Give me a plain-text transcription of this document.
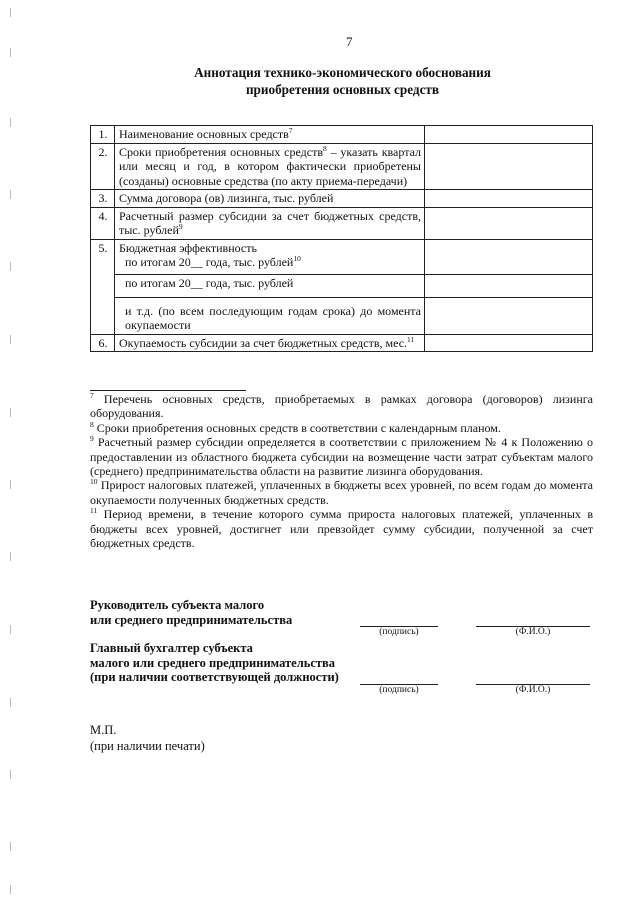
7
Аннотация технико-экономического обоснования
приобретения основных средств
1.	Наименование основных средств$^7$	
2.	Сроки приобретения основных средств$^8$ – указать квартал или месяц и год, в котором фактически приобретены (созданы) основные средства (по акту приема-передачи)	
3.	Сумма договора (ов) лизинга, тыс. рублей	
4.	Расчетный размер субсидии за счет бюджетных средств, тыс. рублей$^9$	
5.	Бюджетная эффективность
по итогам 20__ года, тыс. рублей$^{10}$

	по итогам 20__ года, тыс. рублей	
	и т.д. (по всем последующим годам срока) до момента окупаемости	
6.	Окупаемость субсидии за счет бюджетных средств, мес.$^{11}$	

$^7$ Перечень основных средств, приобретаемых в рамках договора (договоров) лизинга оборудования.

$^8$ Сроки приобретения основных средств в соответствии с календарным планом.

$^9$ Расчетный размер субсидии определяется в соответствии с приложением № 4 к Положению о предоставлении из областного бюджета субсидии на возмещение части затрат субъектам малого (среднего) предпринимательства области на развитие лизинга оборудования.

$^{10}$ Прирост налоговых платежей, уплаченных в бюджеты всех уровней, по всем годам до момента окупаемости полученных бюджетных средств.

$^{11}$ Период времени, в течение которого сумма прироста налоговых платежей, уплаченных в бюджеты всех уровней, достигнет или превзойдет сумму субсидии, полученной за счет бюджетных средств.

Руководитель субъекта малого
или среднего предпринимательства
(подпись)	(Ф.И.О.)
Главный бухгалтер субъекта
малого или среднего предпринимательства
(при наличии соответствующей должности)
(подпись)	(Ф.И.О.)
М.П.
(при наличии печати)
